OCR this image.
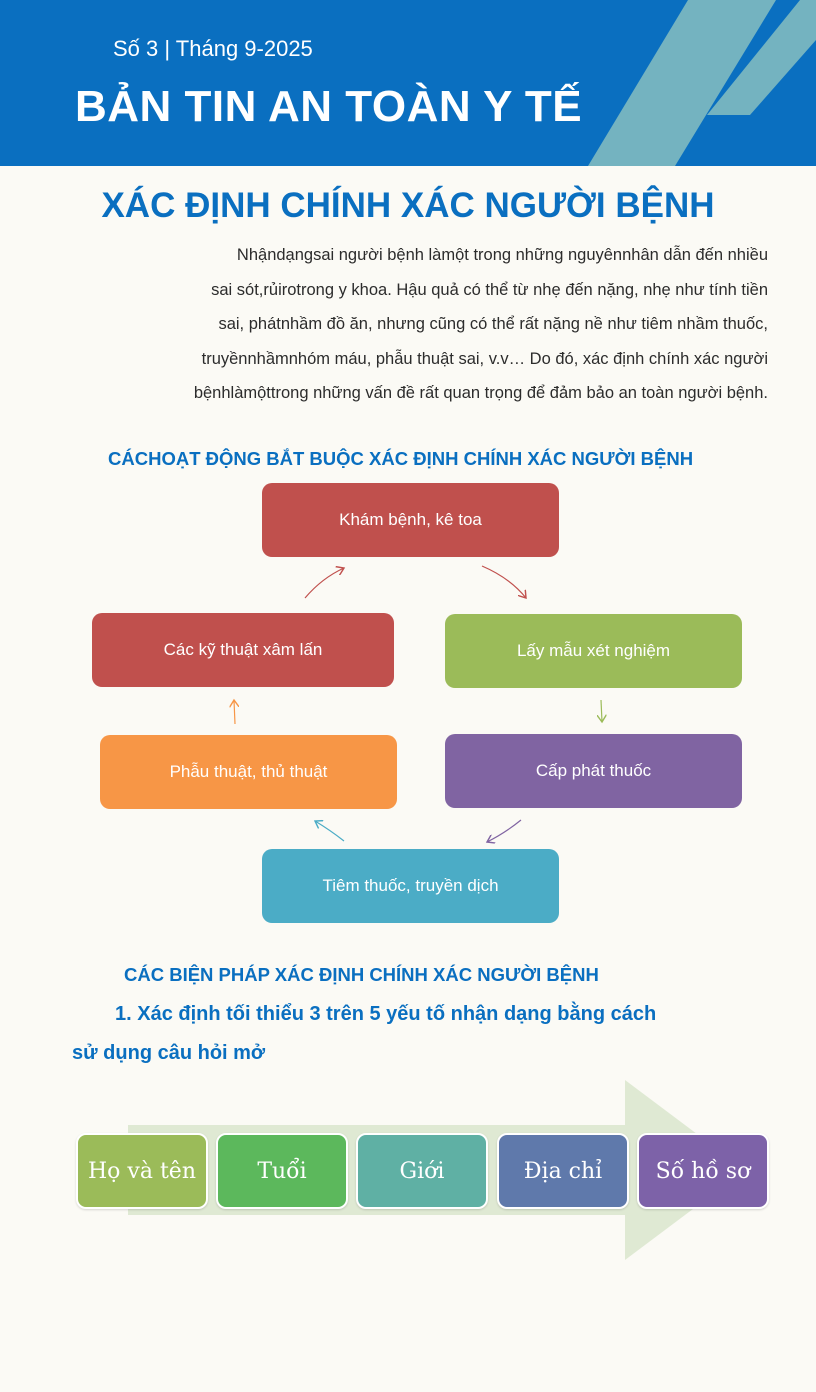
Số 3 | Tháng 9-2025
BẢN TIN AN TOÀN Y TẾ
XÁC ĐỊNH CHÍNH XÁC NGƯỜI BỆNH
Nhậndạngsai người bệnh làmột trong những nguyênnhân dẫn đến nhiều
sai sót,rủirotrong y khoa. Hậu quả có thể từ nhẹ đến nặng, nhẹ như tính tiền
sai, phátnhầm đồ ăn, nhưng cũng có thể rất nặng nề như tiêm nhầm thuốc,
truyềnnhầmnhóm máu, phẫu thuật sai, v.v… Do đó, xác định chính xác người
bệnhlàmộttrong những vấn đề rất quan trọng để đảm bảo an toàn người bệnh.
CÁCHOẠT ĐỘNG BẮT BUỘC XÁC ĐỊNH CHÍNH XÁC NGƯỜI BỆNH
Khám bệnh, kê toa
Lấy mẫu xét nghiệm
Cấp phát thuốc
Tiêm thuốc, truyền dịch
Phẫu thuật, thủ thuật
Các kỹ thuật xâm lấn
CÁC BIỆN PHÁP XÁC ĐỊNH CHÍNH XÁC NGƯỜI BỆNH
1. Xác định tối thiểu 3 trên 5 yếu tố nhận dạng bằng cách
sử dụng câu hỏi mở
Họ và tên	Tuổi	Giới	Địa chỉ	Số hồ sơ
